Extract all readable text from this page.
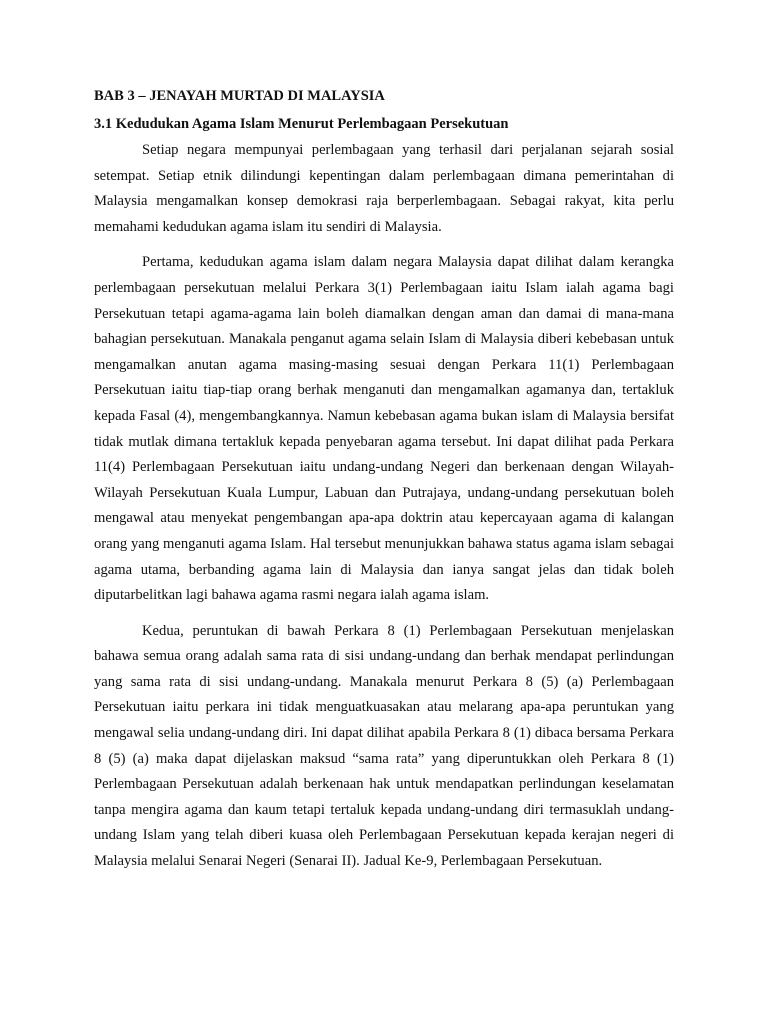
BAB 3 – JENAYAH MURTAD DI MALAYSIA
3.1 Kedudukan Agama Islam Menurut Perlembagaan Persekutuan

Setiap negara mempunyai perlembagaan yang terhasil dari perjalanan sejarah sosial setempat. Setiap etnik dilindungi kepentingan dalam perlembagaan dimana pemerintahan di Malaysia mengamalkan konsep demokrasi raja berperlembagaan. Sebagai rakyat, kita perlu memahami kedudukan agama islam itu sendiri di Malaysia.

Pertama, kedudukan agama islam dalam negara Malaysia dapat dilihat dalam kerangka perlembagaan persekutuan melalui Perkara 3(1) Perlembagaan iaitu Islam ialah agama bagi Persekutuan tetapi agama-agama lain boleh diamalkan dengan aman dan damai di mana-mana bahagian persekutuan. Manakala penganut agama selain Islam di Malaysia diberi kebebasan untuk mengamalkan anutan agama masing-masing sesuai dengan Perkara 11(1) Perlembagaan Persekutuan iaitu tiap-tiap orang berhak menganuti dan mengamalkan agamanya dan, tertakluk kepada Fasal (4), mengembangkannya. Namun kebebasan agama bukan islam di Malaysia bersifat tidak mutlak dimana tertakluk kepada penyebaran agama tersebut. Ini dapat dilihat pada Perkara 11(4) Perlembagaan Persekutuan iaitu undang-undang Negeri dan berkenaan dengan Wilayah-Wilayah Persekutuan Kuala Lumpur, Labuan dan Putrajaya, undang-undang persekutuan boleh mengawal atau menyekat pengembangan apa-apa doktrin atau kepercayaan agama di kalangan orang yang menganuti agama Islam. Hal tersebut menunjukkan bahawa status agama islam sebagai agama utama, berbanding agama lain di Malaysia dan ianya sangat jelas dan tidak boleh diputarbelitkan lagi bahawa agama rasmi negara ialah agama islam.

Kedua, peruntukan di bawah Perkara 8 (1) Perlembagaan Persekutuan menjelaskan bahawa semua orang adalah sama rata di sisi undang-undang dan berhak mendapat perlindungan yang sama rata di sisi undang-undang. Manakala menurut Perkara 8 (5) (a) Perlembagaan Persekutuan iaitu perkara ini tidak menguatkuasakan atau melarang apa-apa peruntukan yang mengawal selia undang-undang diri. Ini dapat dilihat apabila Perkara 8 (1) dibaca bersama Perkara 8 (5) (a) maka dapat dijelaskan maksud “sama rata” yang diperuntukkan oleh Perkara 8 (1) Perlembagaan Persekutuan adalah berkenaan hak untuk mendapatkan perlindungan keselamatan tanpa mengira agama dan kaum tetapi tertaluk kepada undang-undang diri termasuklah undang-undang Islam yang telah diberi kuasa oleh Perlembagaan Persekutuan kepada kerajan negeri di Malaysia melalui Senarai Negeri (Senarai II). Jadual Ke-9, Perlembagaan Persekutuan.
